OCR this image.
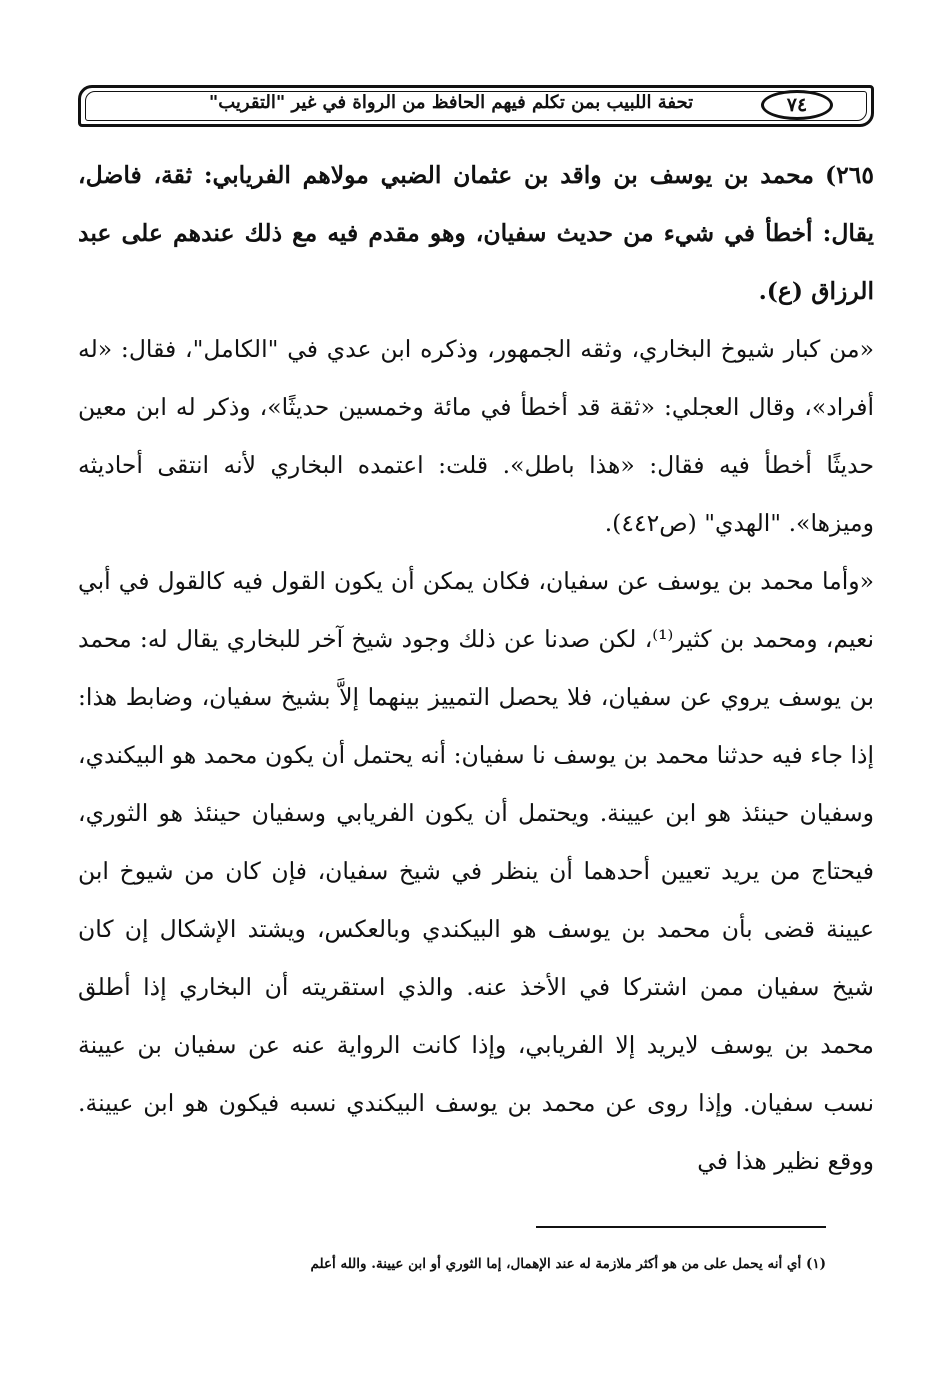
٧٤
تحفة اللبيب بمن تكلم فيهم الحافظ من الرواة في غير "التقريب"

٢٦٥) محمد بن يوسف بن واقد بن عثمان الضبي مولاهم الفريابي: ثقة، فاضل، يقال: أخطأ في شيء من حديث سفيان، وهو مقدم فيه مع ذلك عندهم على عبد الرزاق (ع).

«من كبار شيوخ البخاري، وثقه الجمهور، وذكره ابن عدي في "الكامل"، فقال: «له أفراد»، وقال العجلي: «ثقة قد أخطأ في مائة وخمسين حديثًا»، وذكر له ابن معين حديثًا أخطأ فيه فقال: «هذا باطل». قلت: اعتمده البخاري لأنه انتقى أحاديثه وميزها». "الهدي" (ص٤٤٢).

«وأما محمد بن يوسف عن سفيان، فكان يمكن أن يكون القول فيه كالقول في أبي نعيم، ومحمد بن كثير⁽¹⁾، لكن صدنا عن ذلك وجود شيخ آخر للبخاري يقال له: محمد بن يوسف يروي عن سفيان، فلا يحصل التمييز بينهما إلاَّ بشيخ سفيان، وضابط هذا: إذا جاء فيه حدثنا محمد بن يوسف نا سفيان: أنه يحتمل أن يكون محمد هو البيكندي، وسفيان حينئذ هو ابن عيينة. ويحتمل أن يكون الفريابي وسفيان حينئذ هو الثوري، فيحتاج من يريد تعيين أحدهما أن ينظر في شيخ سفيان، فإن كان من شيوخ ابن عيينة قضى بأن محمد بن يوسف هو البيكندي وبالعكس، ويشتد الإشكال إن كان شيخ سفيان ممن اشتركا في الأخذ عنه. والذي استقريته أن البخاري إذا أطلق محمد بن يوسف لايريد إلا الفريابي، وإذا كانت الرواية عنه عن سفيان بن عيينة نسب سفيان. وإذا روى عن محمد بن يوسف البيكندي نسبه فيكون هو ابن عيينة. ووقع نظير هذا في

(١) أي أنه يحمل على من هو أكثر ملازمة له عند الإهمال، إما الثوري أو ابن عيينة. والله أعلم
